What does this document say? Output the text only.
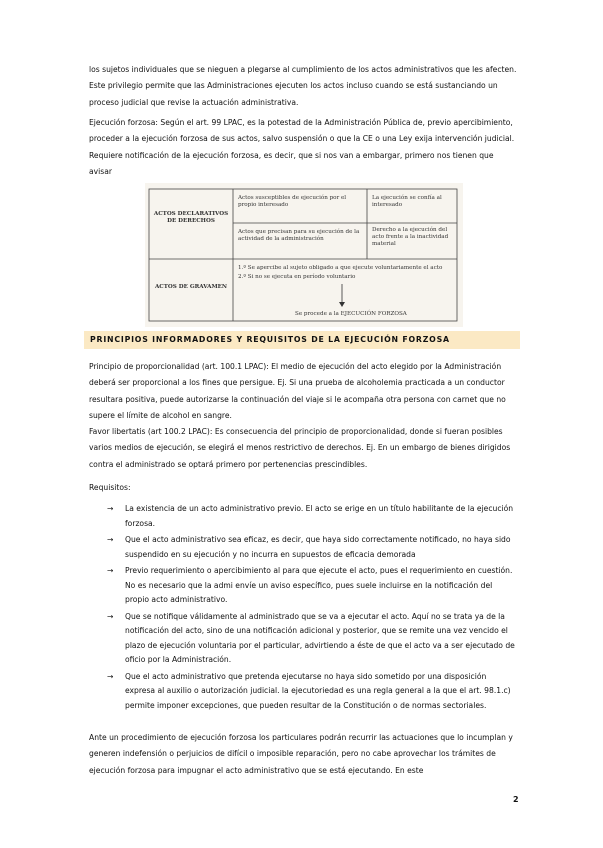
los sujetos individuales que se nieguen a plegarse al cumplimiento de los actos administrativos que les afecten. Este privilegio permite que las Administraciones ejecuten los actos incluso cuando se está sustanciando un proceso judicial que revise la actuación administrativa.

Ejecución forzosa: Según el art. 99 LPAC, es la potestad de la Administración Pública de, previo apercibimiento, proceder a la ejecución forzosa de sus actos, salvo suspensión o que la CE o una Ley exija intervención judicial. Requiere notificación de la ejecución forzosa, es decir, que si nos van a embargar, primero nos tienen que avisar

ACTOS DECLARATIVOS DE DERECHOS
ACTOS DE GRAVAMEN
Actos susceptibles de ejecución por el propio interesado
La ejecución se confía al interesado
Actos que precisan para su ejecución de la actividad de la administración
Derecho a la ejecución del acto frente a la inactividad material
1.º Se apercibe al sujeto obligado a que ejecute voluntariamente el acto
2.º Si no se ejecuta en período voluntario
Se procede a la EJECUCIÓN FORZOSA
PRINCIPIOS INFORMADORES Y REQUISITOS DE LA EJECUCIÓN FORZOSA

Principio de proporcionalidad (art. 100.1 LPAC): El medio de ejecución del acto elegido por la Administración deberá ser proporcional a los fines que persigue. Ej. Si una prueba de alcoholemia practicada a un conductor resultara positiva, puede autorizarse la continuación del viaje si le acompaña otra persona con carnet que no supere el límite de alcohol en sangre.

Favor libertatis (art 100.2 LPAC): Es consecuencia del principio de proporcionalidad, donde si fueran posibles varios medios de ejecución, se elegirá el menos restrictivo de derechos. Ej. En un embargo de bienes dirigidos contra el administrado se optará primero por pertenencias prescindibles.

Requisitos:

→ La existencia de un acto administrativo previo. El acto se erige en un título habilitante de la ejecución forzosa.
→ Que el acto administrativo sea eficaz, es decir, que haya sido correctamente notificado, no haya sido suspendido en su ejecución y no incurra en supuestos de eficacia demorada
→ Previo requerimiento o apercibimiento al para que ejecute el acto, pues el requerimiento en cuestión. No es necesario que la admi envíe un aviso específico, pues suele incluirse en la notificación del propio acto administrativo.
→ Que se notifique válidamente al administrado que se va a ejecutar el acto. Aquí no se trata ya de la notificación del acto, sino de una notificación adicional y posterior, que se remite una vez vencido el plazo de ejecución voluntaria por el particular, advirtiendo a éste de que el acto va a ser ejecutado de oficio por la Administración.
→ Que el acto administrativo que pretenda ejecutarse no haya sido sometido por una disposición expresa al auxilio o autorización judicial. la ejecutoriedad es una regla general a la que el art. 98.1.c) permite imponer excepciones, que pueden resultar de la Constitución o de normas sectoriales.

Ante un procedimiento de ejecución forzosa los particulares podrán recurrir las actuaciones que lo incumplan y generen indefensión o perjuicios de difícil o imposible reparación, pero no cabe aprovechar los trámites de ejecución forzosa para impugnar el acto administrativo que se está ejecutando. En este

2
